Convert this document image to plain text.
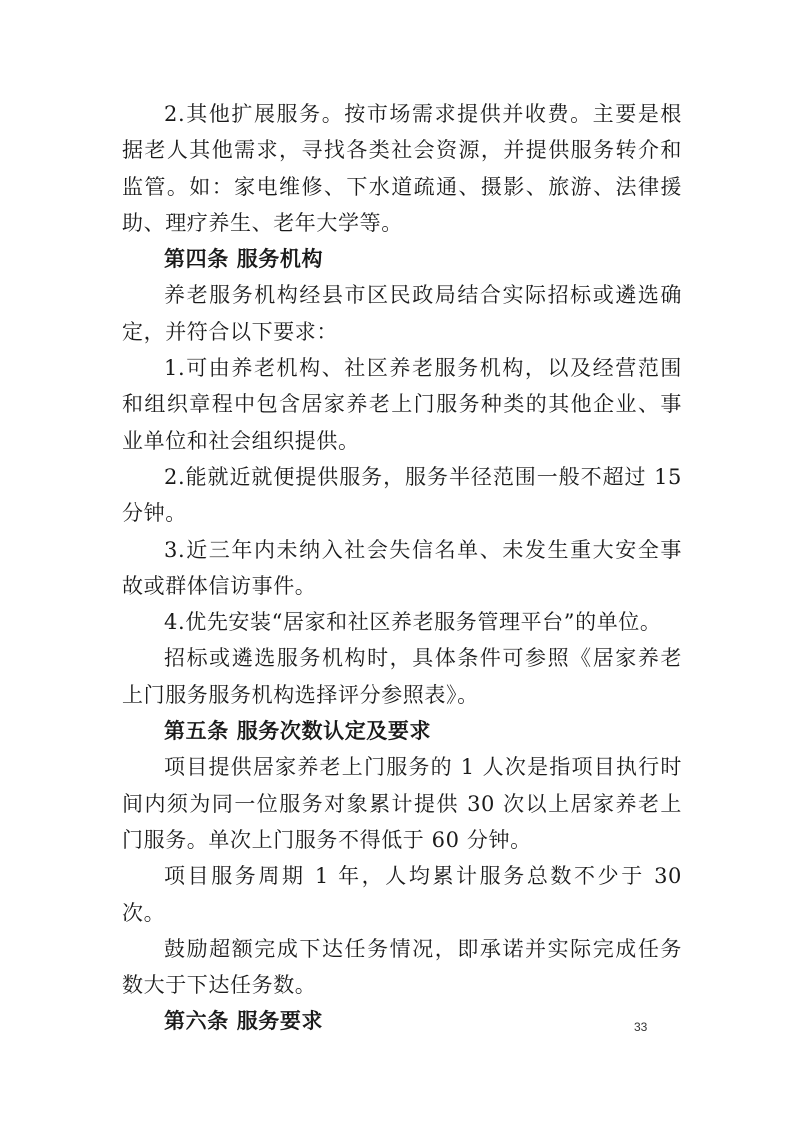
2.其他扩展服务。按市场需求提供并收费。主要是根据老人其他需求，寻找各类社会资源，并提供服务转介和监管。如：家电维修、下水道疏通、摄影、旅游、法律援助、理疗养生、老年大学等。

第四条 服务机构

养老服务机构经县市区民政局结合实际招标或遴选确定，并符合以下要求：

1.可由养老机构、社区养老服务机构，以及经营范围和组织章程中包含居家养老上门服务种类的其他企业、事业单位和社会组织提供。

2.能就近就便提供服务，服务半径范围一般不超过 15 分钟。

3.近三年内未纳入社会失信名单、未发生重大安全事故或群体信访事件。

4.优先安装“居家和社区养老服务管理平台”的单位。

招标或遴选服务机构时，具体条件可参照《居家养老上门服务服务机构选择评分参照表》。

第五条 服务次数认定及要求

项目提供居家养老上门服务的 1 人次是指项目执行时间内须为同一位服务对象累计提供 30 次以上居家养老上门服务。单次上门服务不得低于 60 分钟。

项目服务周期 1 年，人均累计服务总数不少于 30 次。

鼓励超额完成下达任务情况，即承诺并实际完成任务数大于下达任务数。

第六条 服务要求	33
